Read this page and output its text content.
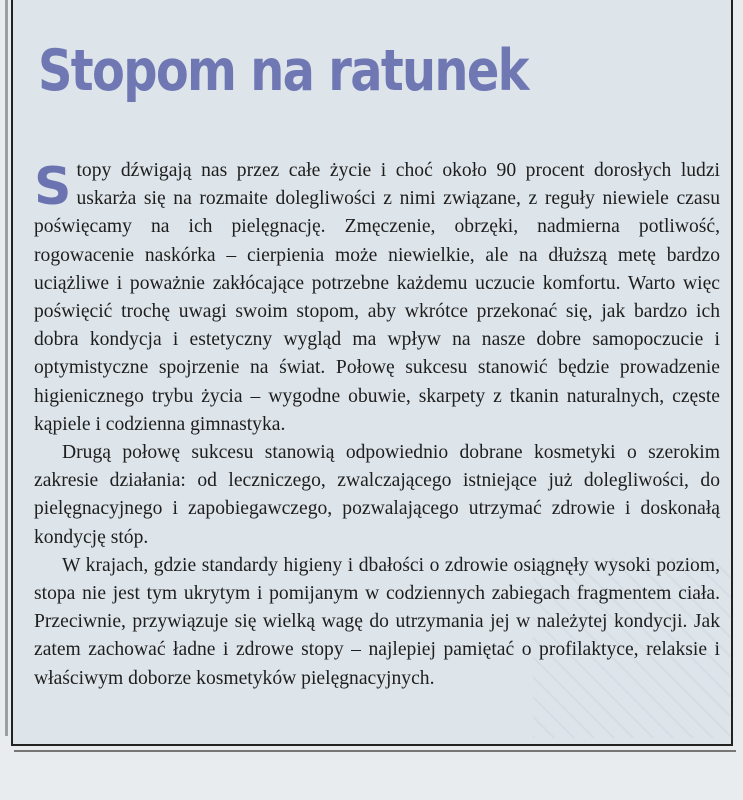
Stopom na ratunek

Stopy dźwigają nas przez całe życie i choć około 90 procent dorosłych ludzi uskarża się na rozmaite dolegliwości z nimi związane, z reguły niewiele czasu poświęcamy na ich pielęgnację. Zmęczenie, obrzęki, nadmierna potliwość, rogowacenie naskórka – cierpienia może niewielkie, ale na dłuższą metę bardzo uciążliwe i poważnie zakłócające potrzebne każdemu uczucie komfortu. Warto więc poświęcić trochę uwagi swoim stopom, aby wkrótce przekonać się, jak bardzo ich dobra kondycja i estetyczny wygląd ma wpływ na nasze dobre samopoczucie i optymistyczne spojrzenie na świat. Połowę sukcesu stanowić będzie prowadzenie higienicznego trybu życia – wygodne obuwie, skarpety z tkanin naturalnych, częste kąpiele i codzienna gimnastyka.

Drugą połowę sukcesu stanowią odpowiednio dobrane kosmetyki o szerokim zakresie działania: od leczniczego, zwalczającego istniejące już dolegliwości, do pielęgnacyjnego i zapobiegawczego, pozwalającego utrzymać zdrowie i doskonałą kondycję stóp.

W krajach, gdzie standardy higieny i dbałości o zdrowie osiągnęły wysoki poziom, stopa nie jest tym ukrytym i pomijanym w codziennych zabiegach fragmentem ciała. Przeciwnie, przywiązuje się wielką wagę do utrzymania jej w należytej kondycji. Jak zatem zachować ładne i zdrowe stopy – najlepiej pamiętać o profilaktyce, relaksie i właściwym doborze kosmetyków pielęgnacyjnych.
